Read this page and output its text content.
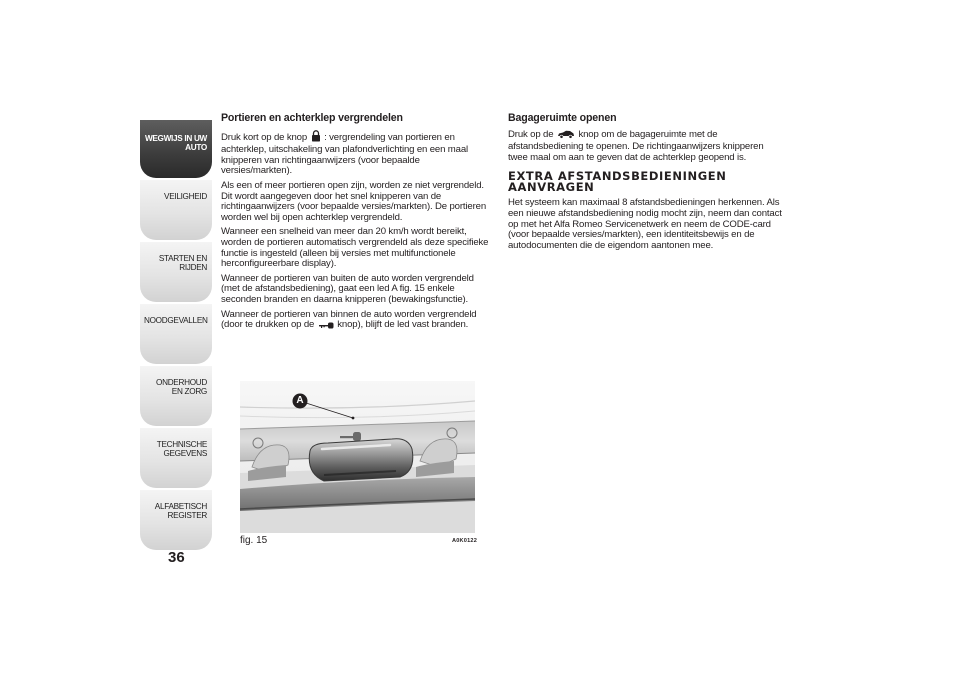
WEGWIJS IN UW AUTO
VEILIGHEID
STARTEN EN RIJDEN
NOODGEVALLEN
ONDERHOUD EN ZORG
TECHNISCHE GEGEVENS
ALFABETISCH REGISTER
36
Portieren en achterklep vergrendelen

Druk kort op de knop : vergrendeling van portieren en achterklep, uitschakeling van plafondverlichting en een maal knipperen van richtingaanwijzers (voor bepaalde versies/markten).

Als een of meer portieren open zijn, worden ze niet vergrendeld. Dit wordt aangegeven door het snel knipperen van de richtingaanwijzers (voor bepaalde versies/markten). De portieren worden wel bij open achterklep vergrendeld.

Wanneer een snelheid van meer dan 20 km/h wordt bereikt, worden de portieren automatisch vergrendeld als deze specifieke functie is ingesteld (alleen bij versies met multifunctionele herconfigureerbare display).

Wanneer de portieren van buiten de auto worden vergrendeld (met de afstandsbediening), gaat een led A fig. 15 enkele seconden branden en daarna knipperen (bewakingsfunctie).

Wanneer de portieren van binnen de auto worden vergrendeld (door te drukken op de knop), blijft de led vast branden.

A
fig. 15	A0K0122
Bagageruimte openen

Druk op de	knop om de bagageruimte met de afstandsbediening te openen. De richtingaanwijzers knipperen twee maal om aan te geven dat de achterklep geopend is.

EXTRA AFSTANDSBEDIENINGEN AANVRAGEN

Het systeem kan maximaal 8 afstandsbedieningen herkennen. Als een nieuwe afstandsbediening nodig mocht zijn, neem dan contact op met het Alfa Romeo Servicenetwerk en neem de CODE-card (voor bepaalde versies/markten), een identiteitsbewijs en de autodocumenten die de eigendom aantonen mee.
